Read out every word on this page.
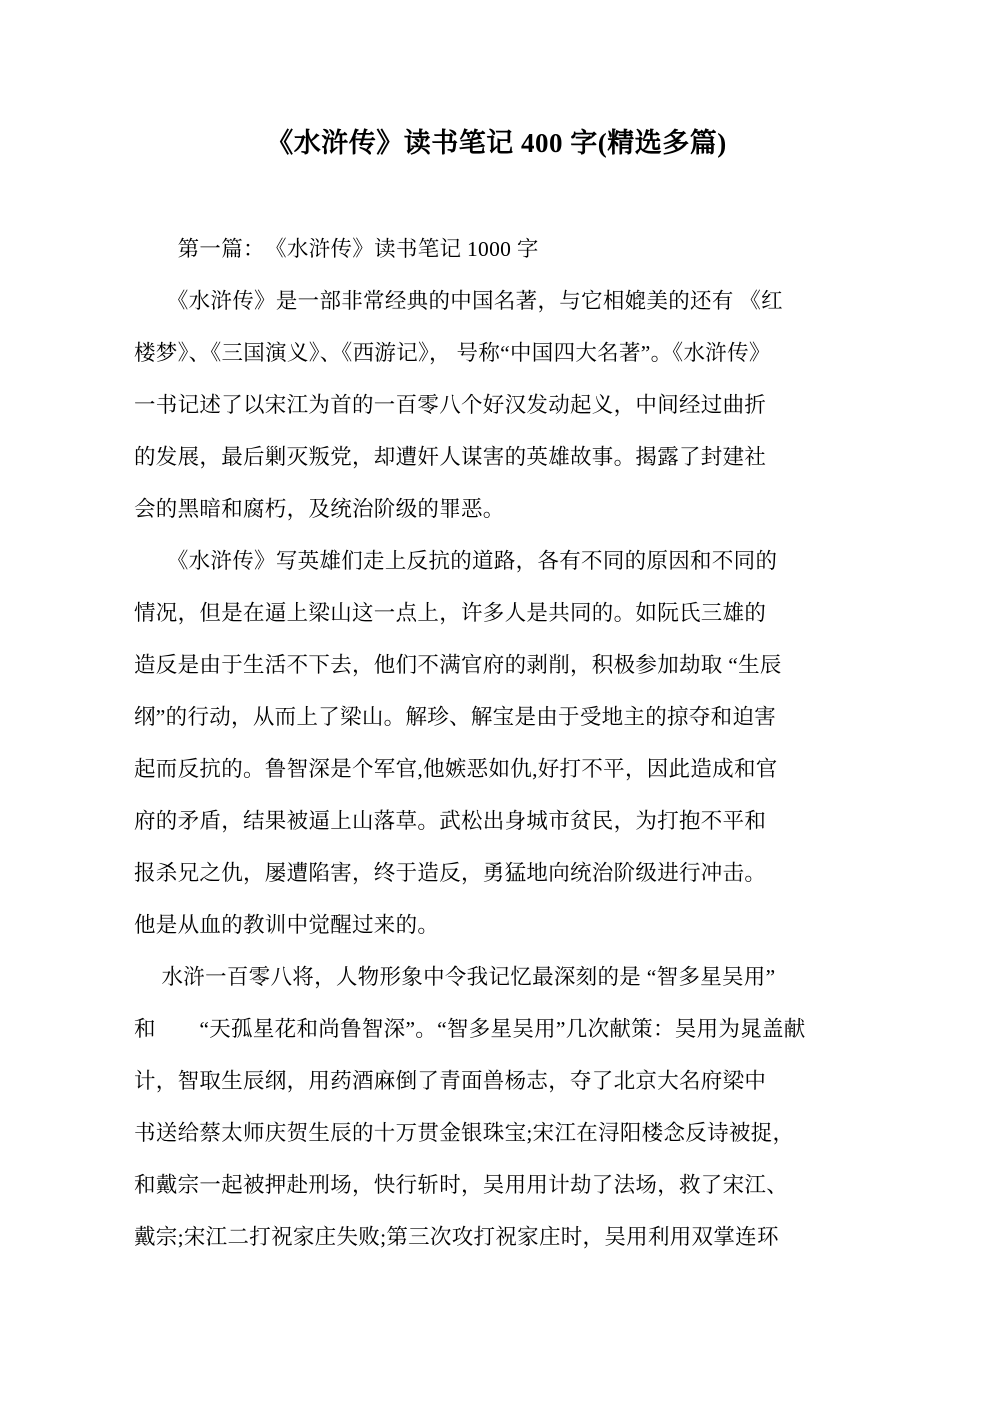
《水浒传》读书笔记 400 字(精选多篇)
　　第一篇：　《水浒传》读书笔记 1000 字
　　《水浒传》是一部非常经典的中国名著，与它相媲美的还有 《红
楼梦》、《三国演义》、《西游记》， 号称“中国四大名著”。《水浒传》
一书记述了以宋江为首的一百零八个好汉发动起义，中间经过曲折
的发展，最后剿灭叛党，却遭奸人谋害的英雄故事。揭露了封建社
会的黑暗和腐朽，及统治阶级的罪恶。
　　《水浒传》写英雄们走上反抗的道路，各有不同的原因和不同的
情况，但是在逼上梁山这一点上，许多人是共同的。如阮氏三雄的
造反是由于生活不下去，他们不满官府的剥削，积极参加劫取 “生辰
纲”的行动，从而上了梁山。解珍、解宝是由于受地主的掠夺和迫害
起而反抗的。鲁智深是个军官,他嫉恶如仇,好打不平，因此造成和官
府的矛盾，结果被逼上山落草。武松出身城市贫民，为打抱不平和
报杀兄之仇，屡遭陷害，终于造反，勇猛地向统治阶级进行冲击。
他是从血的教训中觉醒过来的。
　 水浒一百零八将，人物形象中令我记忆最深刻的是 “智多星吴用”
和　　“天孤星花和尚鲁智深”。“智多星吴用”几次献策：吴用为晁盖献
计，智取生辰纲，用药酒麻倒了青面兽杨志，夺了北京大名府梁中
书送给蔡太师庆贺生辰的十万贯金银珠宝;宋江在浔阳楼念反诗被捉，
和戴宗一起被押赴刑场，快行斩时，吴用用计劫了法场，救了宋江、
戴宗;宋江二打祝家庄失败;第三次攻打祝家庄时，吴用利用双掌连环
